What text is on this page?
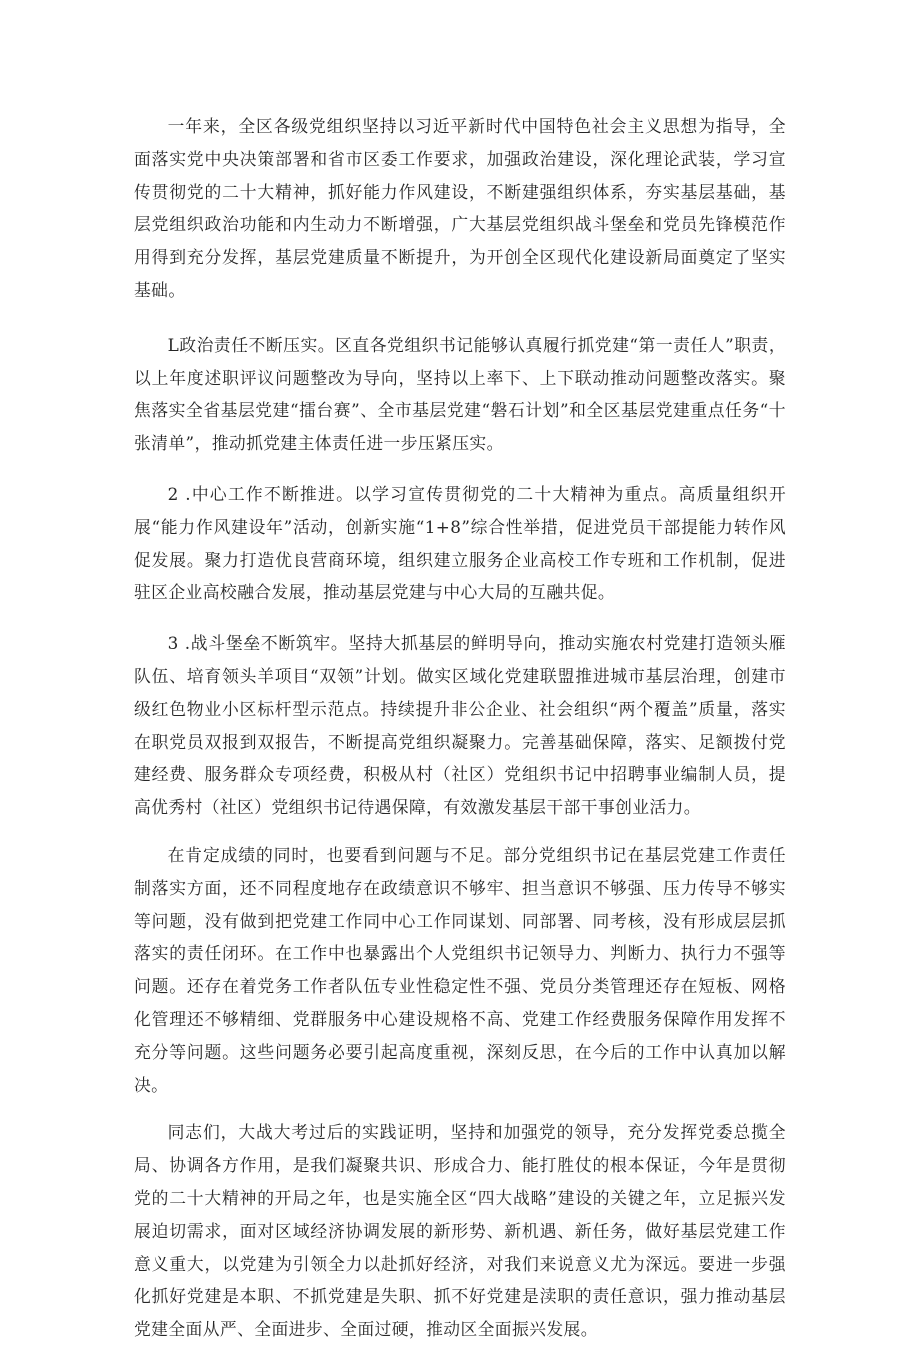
一年来，全区各级党组织坚持以习近平新时代中国特色社会主义思想为指导，全面落实党中央决策部署和省市区委工作要求，加强政治建设，深化理论武装，学习宣传贯彻党的二十大精神，抓好能力作风建设，不断建强组织体系，夯实基层基础，基层党组织政治功能和内生动力不断增强，广大基层党组织战斗堡垒和党员先锋模范作用得到充分发挥，基层党建质量不断提升，为开创全区现代化建设新局面奠定了坚实基础。

L政治责任不断压实。区直各党组织书记能够认真履行抓党建“第一责任人”职责，以上年度述职评议问题整改为导向，坚持以上率下、上下联动推动问题整改落实。聚焦落实全省基层党建“擂台赛”、全市基层党建“磐石计划”和全区基层党建重点任务“十张清单”，推动抓党建主体责任进一步压紧压实。

2 .中心工作不断推进。以学习宣传贯彻党的二十大精神为重点。高质量组织开展“能力作风建设年”活动，创新实施“1+8”综合性举措，促进党员干部提能力转作风促发展。聚力打造优良营商环境，组织建立服务企业高校工作专班和工作机制，促进驻区企业高校融合发展，推动基层党建与中心大局的互融共促。

3 .战斗堡垒不断筑牢。坚持大抓基层的鲜明导向，推动实施农村党建打造领头雁队伍、培育领头羊项目“双领”计划。做实区域化党建联盟推进城市基层治理，创建市级红色物业小区标杆型示范点。持续提升非公企业、社会组织“两个覆盖”质量，落实在职党员双报到双报告，不断提高党组织凝聚力。完善基础保障，落实、足额拨付党建经费、服务群众专项经费，积极从村（社区）党组织书记中招聘事业编制人员，提高优秀村（社区）党组织书记待遇保障，有效激发基层干部干事创业活力。

在肯定成绩的同时，也要看到问题与不足。部分党组织书记在基层党建工作责任制落实方面，还不同程度地存在政绩意识不够牢、担当意识不够强、压力传导不够实等问题，没有做到把党建工作同中心工作同谋划、同部署、同考核，没有形成层层抓落实的责任闭环。在工作中也暴露出个人党组织书记领导力、判断力、执行力不强等问题。还存在着党务工作者队伍专业性稳定性不强、党员分类管理还存在短板、网格化管理还不够精细、党群服务中心建设规格不高、党建工作经费服务保障作用发挥不充分等问题。这些问题务必要引起高度重视，深刻反思，在今后的工作中认真加以解决。

同志们，大战大考过后的实践证明，坚持和加强党的领导，充分发挥党委总揽全局、协调各方作用，是我们凝聚共识、形成合力、能打胜仗的根本保证，今年是贯彻党的二十大精神的开局之年，也是实施全区“四大战略”建设的关键之年，立足振兴发展迫切需求，面对区域经济协调发展的新形势、新机遇、新任务，做好基层党建工作意义重大，以党建为引领全力以赴抓好经济，对我们来说意义尤为深远。要进一步强化抓好党建是本职、不抓党建是失职、抓不好党建是渎职的责任意识，强力推动基层党建全面从严、全面进步、全面过硬，推动区全面振兴发展。
